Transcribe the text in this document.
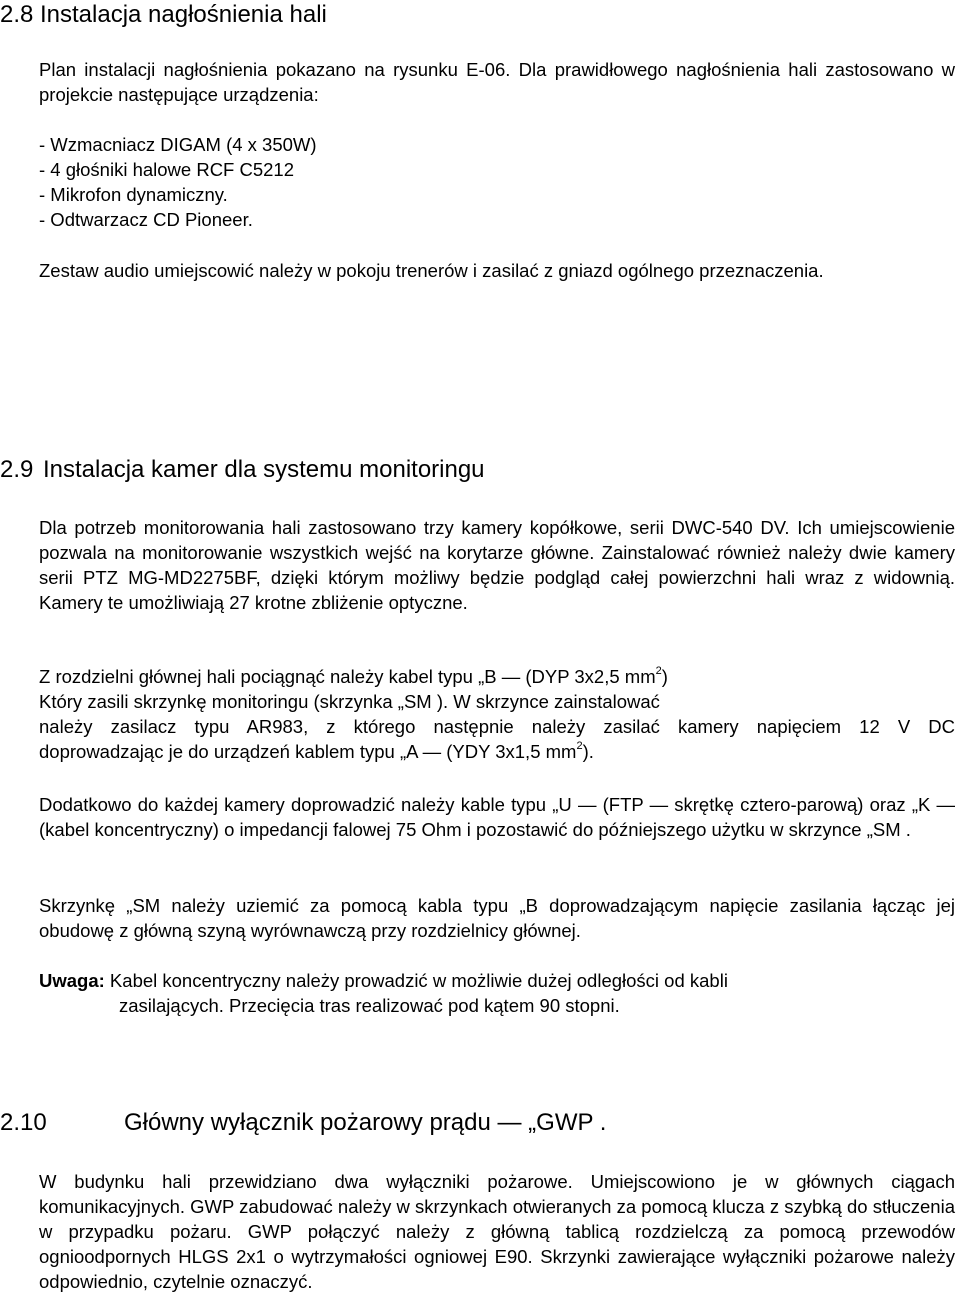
2.8 Instalacja nagłośnienia hali
Plan instalacji nagłośnienia pokazano na rysunku E-06. Dla prawidłowego nagłośnienia hali zastosowano w projekcie następujące urządzenia:
- Wzmacniacz DIGAM (4 x 350W)
- 4 głośniki halowe RCF C5212
- Mikrofon dynamiczny.
- Odtwarzacz CD Pioneer.
Zestaw audio umiejscowić należy w pokoju trenerów i zasilać z gniazd ogólnego przeznaczenia.
2.9 Instalacja kamer dla systemu monitoringu
Dla potrzeb monitorowania hali zastosowano trzy kamery kopółkowe, serii DWC-540 DV. Ich umiejscowienie pozwala na monitorowanie wszystkich wejść na korytarze główne. Zainstalować również należy dwie kamery serii PTZ MG-MD2275BF, dzięki którym możliwy będzie podgląd całej powierzchni hali wraz z widownią. Kamery te umożliwiają 27 krotne zbliżenie optyczne.
Z rozdzielni głównej hali pociągnąć należy kabel typu „B — (DYP 3x2,5 $mm^2$)
Który zasili skrzynkę monitoringu (skrzynka „SM ). W skrzynce zainstalować
należy zasilacz typu AR983, z którego następnie należy zasilać kamery napięciem 12 V DC
doprowadzając je do urządzeń kablem typu „A — (YDY 3x1,5 $mm^2$).
Dodatkowo do każdej kamery doprowadzić należy kable typu „U — (FTP — skrętkę cztero-parową) oraz „K — (kabel koncentryczny) o impedancji falowej 75 Ohm i pozostawić do późniejszego użytku w skrzynce „SM .
Skrzynkę „SM należy uziemić za pomocą kabla typu „B doprowadzającym napięcie zasilania łącząc jej obudowę z główną szyną wyrównawczą przy rozdzielnicy głównej.
Uwaga: Kabel koncentryczny należy prowadzić w możliwie dużej odległości od kabli
zasilających. Przecięcia tras realizować pod kątem 90 stopni.
2.10	Główny wyłącznik pożarowy prądu — „GWP .
W budynku hali przewidziano dwa wyłączniki pożarowe. Umiejscowiono je w głównych ciągach komunikacyjnych. GWP zabudować należy w skrzynkach otwieranych za pomocą klucza z szybką do stłuczenia w przypadku pożaru. GWP połączyć należy z główną tablicą rozdzielczą za pomocą przewodów ognioodpornych HLGS 2x1 o wytrzymałości ogniowej E90. Skrzynki zawierające wyłączniki pożarowe należy odpowiednio, czytelnie oznaczyć.
